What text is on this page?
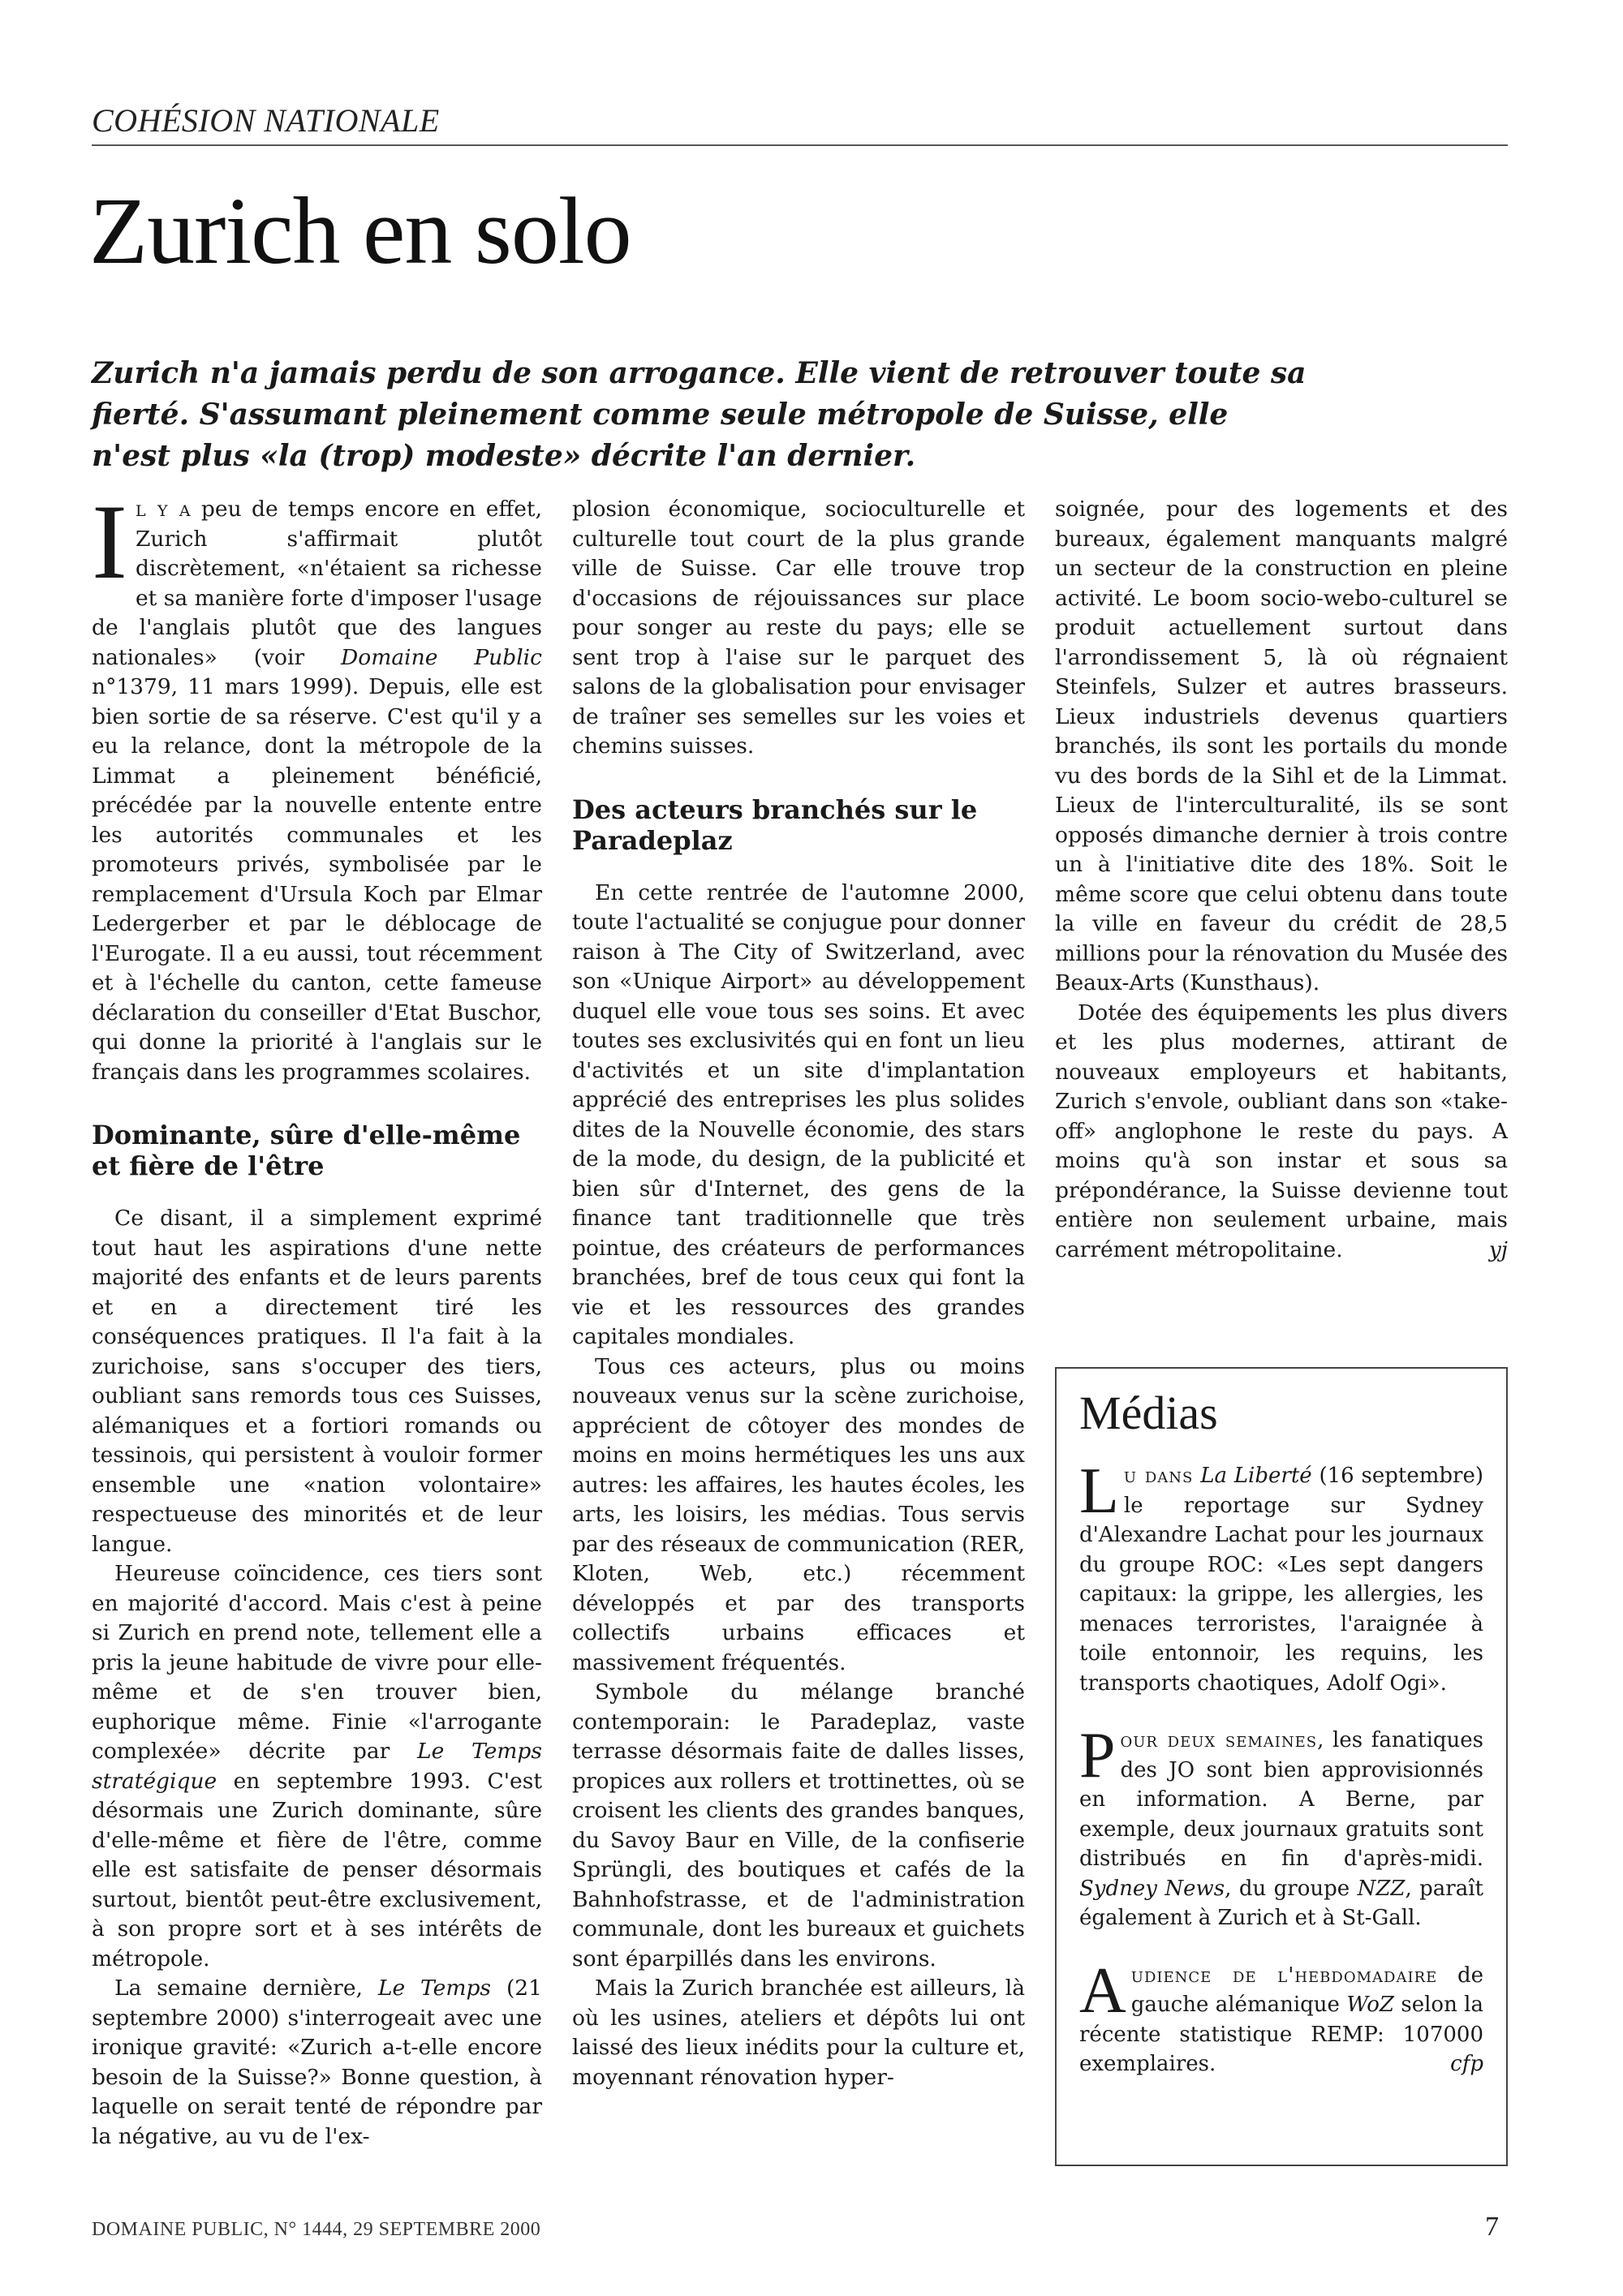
COHÉSION NATIONALE
Zurich en solo
Zurich n'a jamais perdu de son arrogance. Elle vient de retrouver toute sa fierté. S'assumant pleinement comme seule métropole de Suisse, elle n'est plus «la (trop) modeste» décrite l'an dernier.

Il y a peu de temps encore en effet, Zurich s'affirmait plutôt discrètement, «n'étaient sa richesse et sa manière forte d'imposer l'usage de l'anglais plutôt que des langues nationales» (voir Domaine Public n°1379, 11 mars 1999). Depuis, elle est bien sortie de sa réserve. C'est qu'il y a eu la relance, dont la métropole de la Limmat a pleinement bénéficié, précédée par la nouvelle entente entre les autorités communales et les promoteurs privés, symbolisée par le remplacement d'Ursula Koch par Elmar Ledergerber et par le déblocage de l'Eurogate. Il a eu aussi, tout récemment et à l'échelle du canton, cette fameuse déclaration du conseiller d'Etat Buschor, qui donne la priorité à l'anglais sur le français dans les programmes scolaires.

Dominante, sûre d'elle-même et fière de l'être

Ce disant, il a simplement exprimé tout haut les aspirations d'une nette majorité des enfants et de leurs parents et en a directement tiré les conséquences pratiques. Il l'a fait à la zurichoise, sans s'occuper des tiers, oubliant sans remords tous ces Suisses, alémaniques et a fortiori romands ou tessinois, qui persistent à vouloir former ensemble une «nation volontaire» respectueuse des minorités et de leur langue.

Heureuse coïncidence, ces tiers sont en majorité d'accord. Mais c'est à peine si Zurich en prend note, tellement elle a pris la jeune habitude de vivre pour elle-même et de s'en trouver bien, euphorique même. Finie «l'arrogante complexée» décrite par Le Temps stratégique en septembre 1993. C'est désormais une Zurich dominante, sûre d'elle-même et fière de l'être, comme elle est satisfaite de penser désormais surtout, bientôt peut-être exclusivement, à son propre sort et à ses intérêts de métropole.

La semaine dernière, Le Temps (21 septembre 2000) s'interrogeait avec une ironique gravité: «Zurich a-t-elle encore besoin de la Suisse?» Bonne question, à laquelle on serait tenté de répondre par la négative, au vu de l'ex-

plosion économique, socioculturelle et culturelle tout court de la plus grande ville de Suisse. Car elle trouve trop d'occasions de réjouissances sur place pour songer au reste du pays; elle se sent trop à l'aise sur le parquet des salons de la globalisation pour envisager de traîner ses semelles sur les voies et chemins suisses.

Des acteurs branchés sur le Paradeplaz

En cette rentrée de l'automne 2000, toute l'actualité se conjugue pour donner raison à The City of Switzerland, avec son «Unique Airport» au développement duquel elle voue tous ses soins. Et avec toutes ses exclusivités qui en font un lieu d'activités et un site d'implantation apprécié des entreprises les plus solides dites de la Nouvelle économie, des stars de la mode, du design, de la publicité et bien sûr d'Internet, des gens de la finance tant traditionnelle que très pointue, des créateurs de performances branchées, bref de tous ceux qui font la vie et les ressources des grandes capitales mondiales.

Tous ces acteurs, plus ou moins nouveaux venus sur la scène zurichoise, apprécient de côtoyer des mondes de moins en moins hermétiques les uns aux autres: les affaires, les hautes écoles, les arts, les loisirs, les médias. Tous servis par des réseaux de communication (RER, Kloten, Web, etc.) récemment développés et par des transports collectifs urbains efficaces et massivement fréquentés.

Symbole du mélange branché contemporain: le Paradeplaz, vaste terrasse désormais faite de dalles lisses, propices aux rollers et trottinettes, où se croisent les clients des grandes banques, du Savoy Baur en Ville, de la confiserie Sprüngli, des boutiques et cafés de la Bahnhofstrasse, et de l'administration communale, dont les bureaux et guichets sont éparpillés dans les environs.

Mais la Zurich branchée est ailleurs, là où les usines, ateliers et dépôts lui ont laissé des lieux inédits pour la culture et, moyennant rénovation hyper-

soignée, pour des logements et des bureaux, également manquants malgré un secteur de la construction en pleine activité. Le boom socio-webo-culturel se produit actuellement surtout dans l'arrondissement 5, là où régnaient Steinfels, Sulzer et autres brasseurs. Lieux industriels devenus quartiers branchés, ils sont les portails du monde vu des bords de la Sihl et de la Limmat. Lieux de l'interculturalité, ils se sont opposés dimanche dernier à trois contre un à l'initiative dite des 18%. Soit le même score que celui obtenu dans toute la ville en faveur du crédit de 28,5 millions pour la rénovation du Musée des Beaux-Arts (Kunsthaus).

Dotée des équipements les plus divers et les plus modernes, attirant de nouveaux employeurs et habitants, Zurich s'envole, oubliant dans son «take-off» anglophone le reste du pays. A moins qu'à son instar et sous sa prépondérance, la Suisse devienne tout entière non seulement urbaine, mais carrément métropolitaine.	yj

Médias

Lu dans La Liberté (16 septembre) le reportage sur Sydney d'Alexandre Lachat pour les journaux du groupe ROC: «Les sept dangers capitaux: la grippe, les allergies, les menaces terroristes, l'araignée à toile entonnoir, les requins, les transports chaotiques, Adolf Ogi».

Pour deux semaines, les fanatiques des JO sont bien approvisionnés en information. A Berne, par exemple, deux journaux gratuits sont distribués en fin d'après-midi. Sydney News, du groupe NZZ, paraît également à Zurich et à St-Gall.

Audience de l'hebdomadaire de gauche alémanique WoZ selon la récente statistique REMP: 107000 exemplaires.	cfp

DOMAINE PUBLIC, N° 1444, 29 SEPTEMBRE 2000	7
